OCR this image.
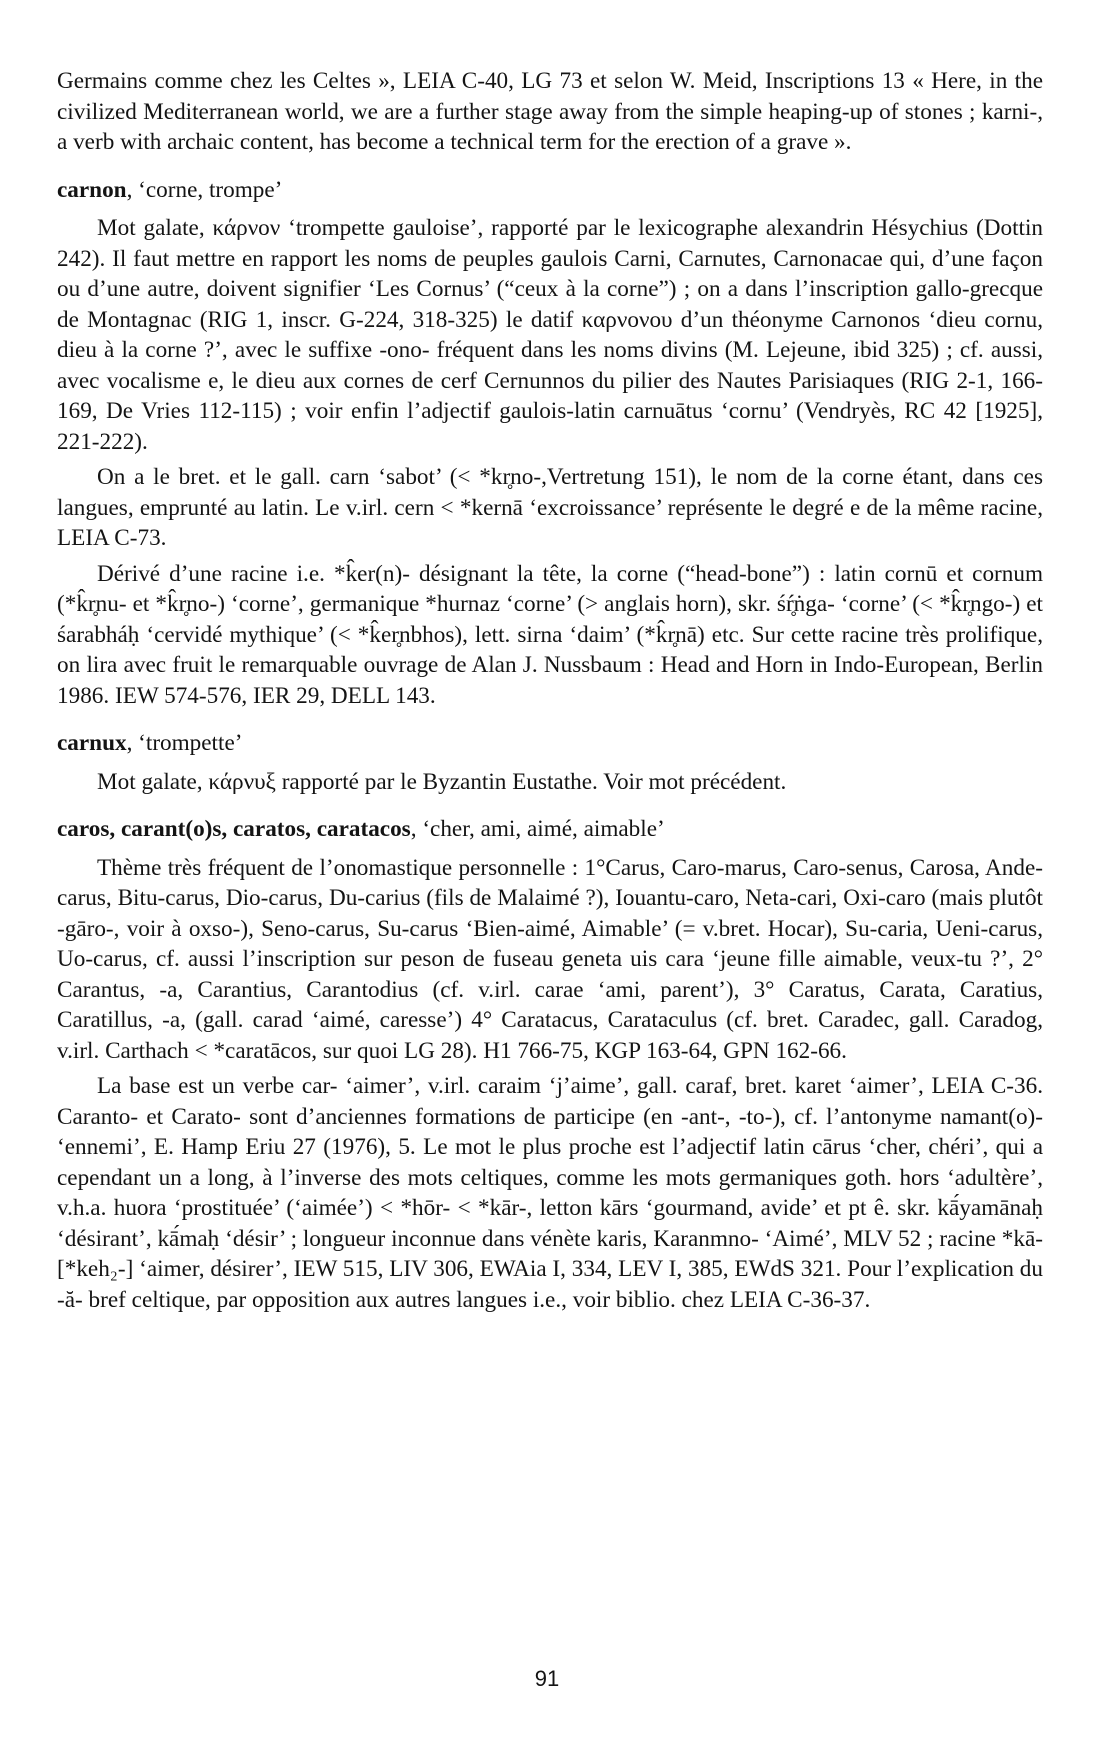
Germains comme chez les Celtes », LEIA C-40, LG 73 et selon W. Meid, Inscriptions 13 « Here, in the civilized Mediterranean world, we are a further stage away from the simple heaping-up of stones ; karni-, a verb with archaic content, has become a technical term for the erection of a grave ».

carnon, ‘corne, trompe’

Mot galate, κάρνον ‘trompette gauloise’, rapporté par le lexicographe alexandrin Hésychius (Dottin 242). Il faut mettre en rapport les noms de peuples gaulois Carni, Carnutes, Carnonacae qui, d’une façon ou d’une autre, doivent signifier ‘Les Cornus’ (“ceux à la corne”) ; on a dans l’inscription gallo-grecque de Montagnac (RIG 1, inscr. G-224, 318-325) le datif καρνονου d’un théonyme Carnonos ‘dieu cornu, dieu à la corne ?’, avec le suffixe -ono- fréquent dans les noms divins (M. Lejeune, ibid 325) ; cf. aussi, avec vocalisme e, le dieu aux cornes de cerf Cernunnos du pilier des Nautes Parisiaques (RIG 2-1, 166-169, De Vries 112-115) ; voir enfin l’adjectif gaulois-latin carnuātus ‘cornu’ (Vendryès, RC 42 [1925], 221-222).

On a le bret. et le gall. carn ‘sabot’ (< *kr̥no-,Vertretung 151), le nom de la corne étant, dans ces langues, emprunté au latin. Le v.irl. cern < *kernā ‘excroissance’ représente le degré e de la même racine, LEIA C-73.

Dérivé d’une racine i.e. *k̂er(n)- désignant la tête, la corne (“head-bone”) : latin cornū et cornum (*k̂r̥nu- et *k̂r̥no-) ‘corne’, germanique *hurnaz ‘corne’ (> anglais horn), skr. śŕ̥ṅga- ‘corne’ (< *k̂r̥ngo-) et śarabháḥ ‘cervidé mythique’ (< *k̂er̥nbhos), lett. sirna ‘daim’ (*k̂r̥nā) etc. Sur cette racine très prolifique, on lira avec fruit le remarquable ouvrage de Alan J. Nussbaum : Head and Horn in Indo-European, Berlin 1986. IEW 574-576, IER 29, DELL 143.

carnux, ‘trompette’

Mot galate, κάρνυξ rapporté par le Byzantin Eustathe. Voir mot précédent.

caros, carant(o)s, caratos, caratacos, ‘cher, ami, aimé, aimable’

Thème très fréquent de l’onomastique personnelle : 1°Carus, Caro-marus, Caro-senus, Carosa, Ande-carus, Bitu-carus, Dio-carus, Du-carius (fils de Malaimé ?), Iouantu-caro, Neta-cari, Oxi-caro (mais plutôt -gāro-, voir à oxso-), Seno-carus, Su-carus ‘Bien-aimé, Aimable’ (= v.bret. Hocar), Su-caria, Ueni-carus, Uo-carus, cf. aussi l’inscription sur peson de fuseau geneta uis cara ‘jeune fille aimable, veux-tu ?’, 2° Carantus, -a, Carantius, Carantodius (cf. v.irl. carae ‘ami, parent’), 3° Caratus, Carata, Caratius, Caratillus, -a, (gall. carad ‘aimé, caresse’) 4° Caratacus, Carataculus (cf. bret. Caradec, gall. Caradog, v.irl. Carthach < *caratācos, sur quoi LG 28). H1 766-75, KGP 163-64, GPN 162-66.

La base est un verbe car- ‘aimer’, v.irl. caraim ‘j’aime’, gall. caraf, bret. karet ‘aimer’, LEIA C-36. Caranto- et Carato- sont d’anciennes formations de participe (en -ant-, -to-), cf. l’antonyme namant(o)- ‘ennemi’, E. Hamp Eriu 27 (1976), 5. Le mot le plus proche est l’adjectif latin cārus ‘cher, chéri’, qui a cependant un a long, à l’inverse des mots celtiques, comme les mots germaniques goth. hors ‘adultère’, v.h.a. huora ‘prostituée’ (‘aimée’) < *hōr- < *kār-, letton kārs ‘gourmand, avide’ et pt ê. skr. kā́yamānaḥ ‘désirant’, kā́maḥ ‘désir’ ; longueur inconnue dans vénète karis, Karanmno- ‘Aimé’, MLV 52 ; racine *kā- [*keh₂-] ‘aimer, désirer’, IEW 515, LIV 306, EWAia I, 334, LEV I, 385, EWdS 321. Pour l’explication du -ă- bref celtique, par opposition aux autres langues i.e., voir biblio. chez LEIA C-36-37.

91
